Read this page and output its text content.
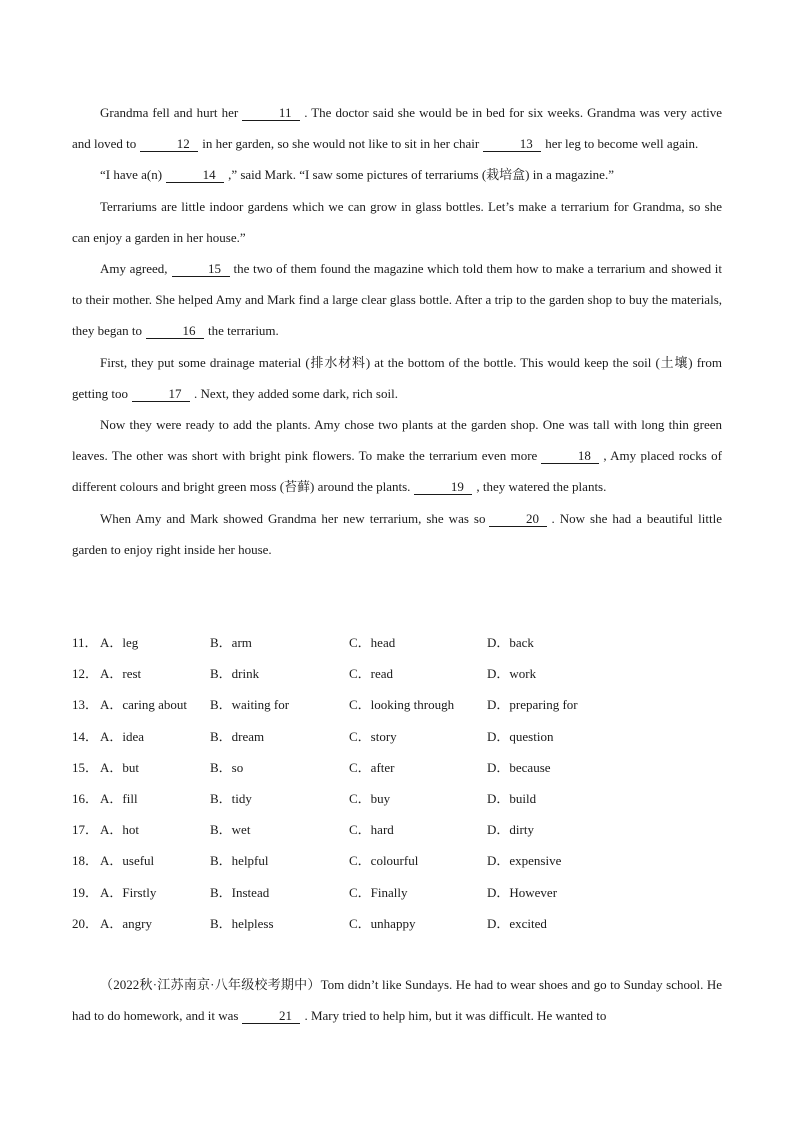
Grandma fell and hurt her	11 . The doctor said she would be in bed for six weeks. Grandma was very active and loved to	12 in her garden, so she would not like to sit in her chair	13 her leg to become well again.

“I have a(n)	14 ,” said Mark. “I saw some pictures of terrariums (栽培盒) in a magazine.”

Terrariums are little indoor gardens which we can grow in glass bottles. Let’s make a terrarium for Grandma, so she can enjoy a garden in her house.”

Amy agreed,	15 the two of them found the magazine which told them how to make a terrarium and showed it to their mother. She helped Amy and Mark find a large clear glass bottle. After a trip to the garden shop to buy the materials, they began to	16 the terrarium.

First, they put some drainage material (排水材料) at the bottom of the bottle. This would keep the soil (土壤) from getting too	17 . Next, they added some dark, rich soil.

Now they were ready to add the plants. Amy chose two plants at the garden shop. One was tall with long thin green leaves. The other was short with bright pink flowers. To make the terrarium even more	18 , Amy placed rocks of different colours and bright green moss (苔藓) around the plants.	19 , they watered the plants.

When Amy and Mark showed Grandma her new terrarium, she was so	20 . Now she had a beautiful little garden to enjoy right inside her house.

11． A．leg	B．arm	C．head	D．back
12． A．rest	B．drink	C．read	D．work
13． A．caring about B．waiting for	C．looking through	D．preparing for
14． A．idea	B．dream	C．story	D．question
15． A．but	B．so	C．after	D．because
16． A．fill	B．tidy	C．buy	D．build
17． A．hot	B．wet	C．hard	D．dirty
18． A．useful	B．helpful	C．colourful	D．expensive
19． A．Firstly	B．Instead	C．Finally	D．However
20． A．angry	B．helpless	C．unhappy	D．excited

（2022秋·江苏南京·八年级校考期中）Tom didn’t like Sundays. He had to wear shoes and go to Sunday school. He had to do homework, and it was	21 . Mary tried to help him, but it was difficult. He wanted to
